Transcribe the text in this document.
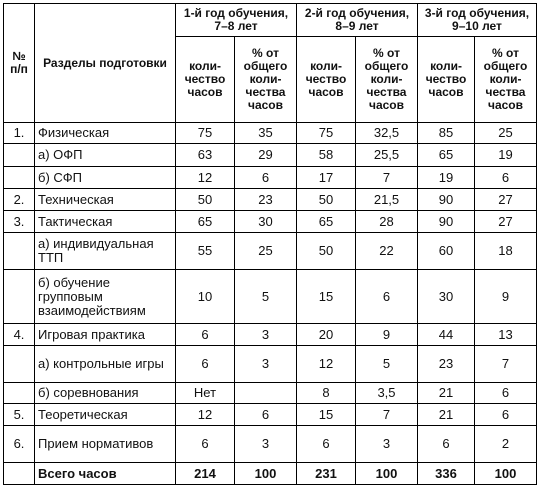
№ п/п	Разделы подготовки	1-й год обучения, 7–8 лет		2-й год обучения, 8–9 лет		3-й год обучения, 9–10 лет	
		коли-чество часов	% от общего коли-чества часов	коли-чество часов	% от общего коли-чества часов	коли-чество часов	% от общего коли-чества часов
1.	Физическая	75	35	75	32,5	85	25
	а) ОФП	63	29	58	25,5	65	19
	б) СФП	12	6	17	7	19	6
2.	Техническая	50	23	50	21,5	90	27
3.	Тактическая	65	30	65	28	90	27
	а) индивидуальная ТТП	55	25	50	22	60	18
	б) обучение групповым взаимодействиям	10	5	15	6	30	9
4.	Игровая практика	6	3	20	9	44	13
	а) контрольные игры	6	3	12	5	23	7
	б) соревнования	Нет		8	3,5	21	6
5.	Теоретическая	12	6	15	7	21	6
6.	Прием нормативов	6	3	6	3	6	2
	Всего часов	214	100	231	100	336	100
